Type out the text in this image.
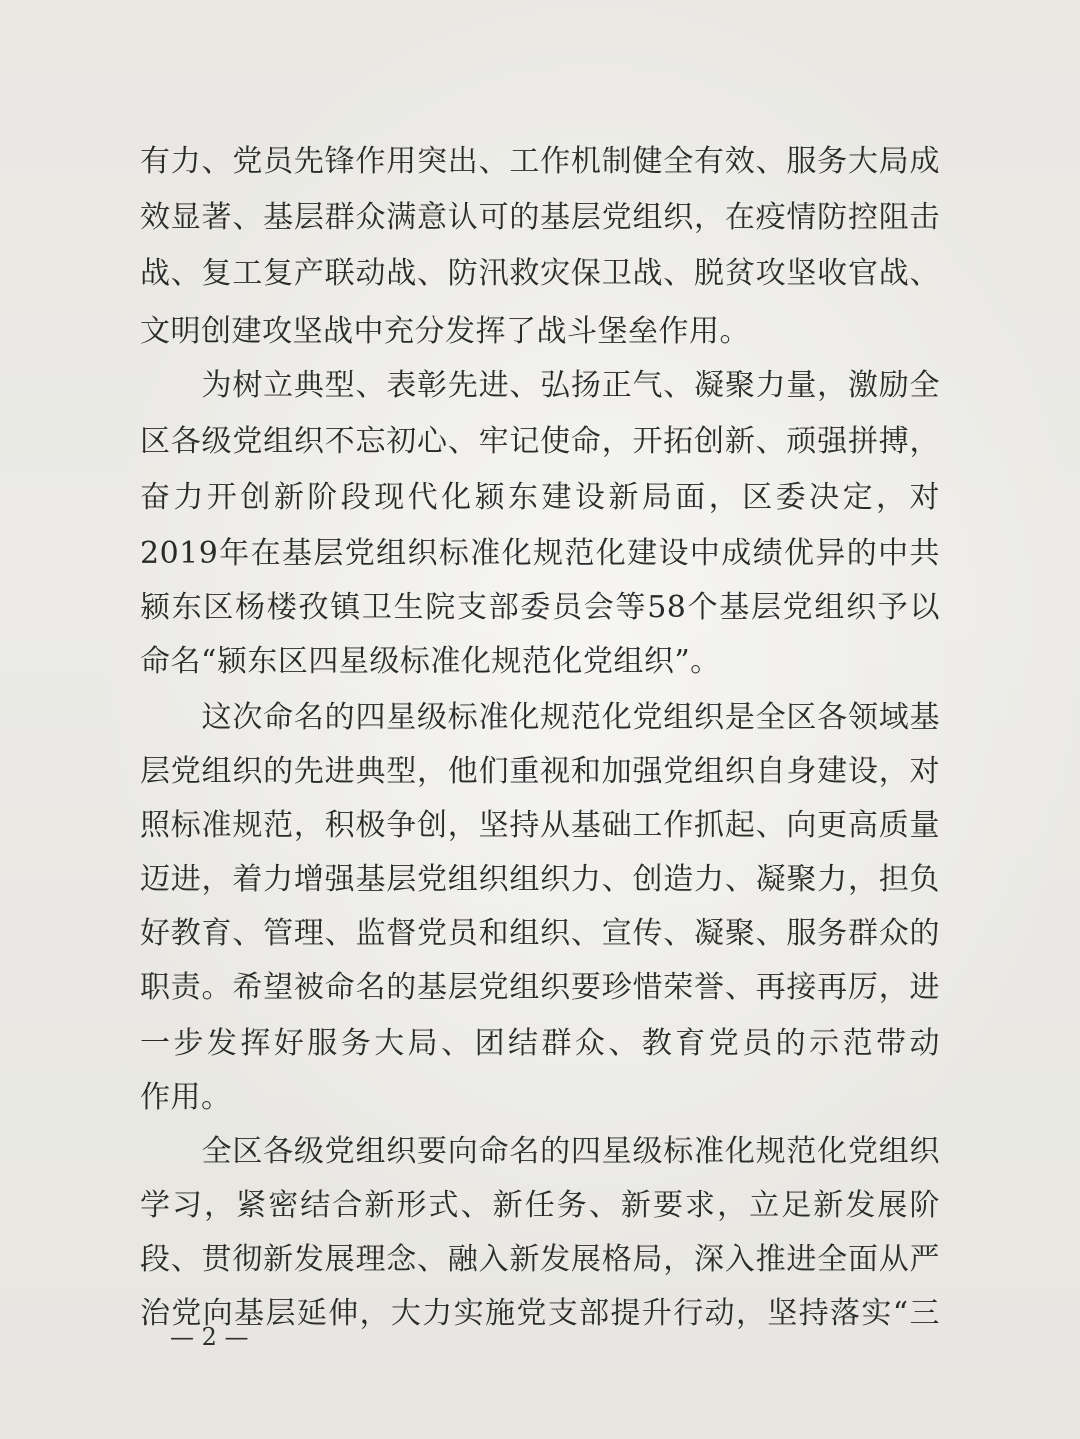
有力、党员先锋作用突出、工作机制健全有效、服务大局成
效显著、基层群众满意认可的基层党组织，在疫情防控阻击
战、复工复产联动战、防汛救灾保卫战、脱贫攻坚收官战、
文明创建攻坚战中充分发挥了战斗堡垒作用。
　　为树立典型、表彰先进、弘扬正气、凝聚力量，激励全
区各级党组织不忘初心、牢记使命，开拓创新、顽强拼搏，
奋力开创新阶段现代化颍东建设新局面，区委决定，对
2019年在基层党组织标准化规范化建设中成绩优异的中共
颍东区杨楼孜镇卫生院支部委员会等58个基层党组织予以
命名“颍东区四星级标准化规范化党组织”。
　　这次命名的四星级标准化规范化党组织是全区各领域基
层党组织的先进典型，他们重视和加强党组织自身建设，对
照标准规范，积极争创，坚持从基础工作抓起、向更高质量
迈进，着力增强基层党组织组织力、创造力、凝聚力，担负
好教育、管理、监督党员和组织、宣传、凝聚、服务群众的
职责。希望被命名的基层党组织要珍惜荣誉、再接再厉，进
一步发挥好服务大局、团结群众、教育党员的示范带动
作用。
　　全区各级党组织要向命名的四星级标准化规范化党组织
学习，紧密结合新形式、新任务、新要求，立足新发展阶
段、贯彻新发展理念、融入新发展格局，深入推进全面从严
治党向基层延伸，大力实施党支部提升行动，坚持落实“三
— 2 —
